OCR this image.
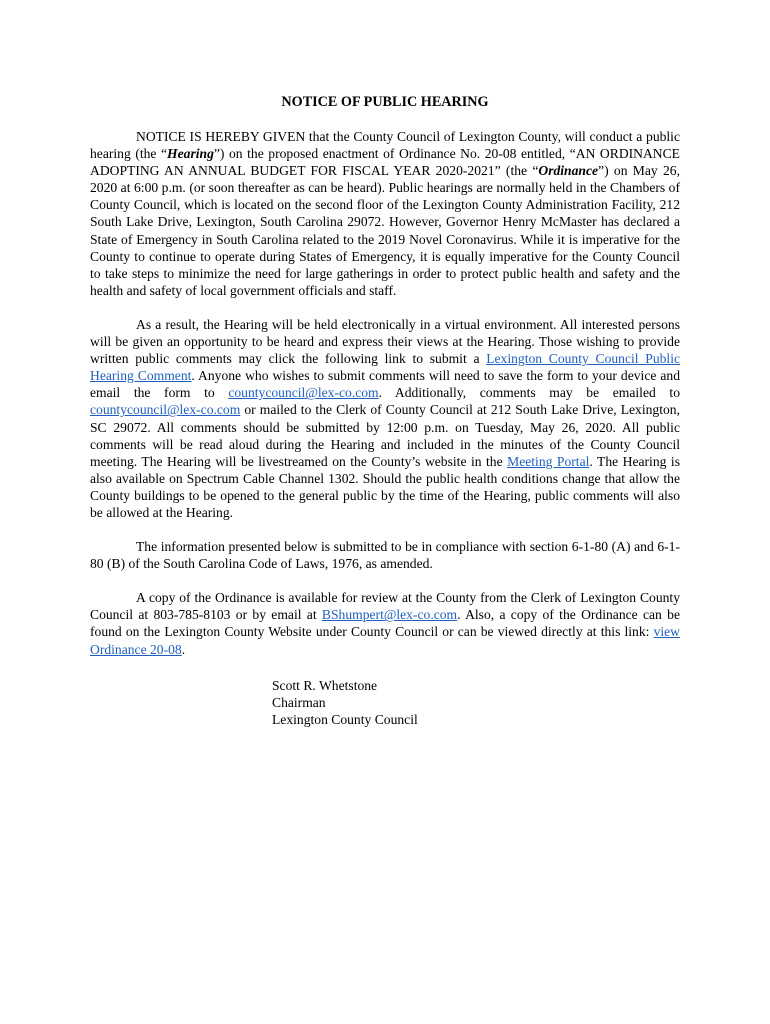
NOTICE OF PUBLIC HEARING

NOTICE IS HEREBY GIVEN that the County Council of Lexington County, will conduct a public hearing (the “Hearing”) on the proposed enactment of Ordinance No. 20-08 entitled, “AN ORDINANCE ADOPTING AN ANNUAL BUDGET FOR FISCAL YEAR 2020-2021” (the “Ordinance”) on May 26, 2020 at 6:00 p.m. (or soon thereafter as can be heard). Public hearings are normally held in the Chambers of County Council, which is located on the second floor of the Lexington County Administration Facility, 212 South Lake Drive, Lexington, South Carolina 29072. However, Governor Henry McMaster has declared a State of Emergency in South Carolina related to the 2019 Novel Coronavirus. While it is imperative for the County to continue to operate during States of Emergency, it is equally imperative for the County Council to take steps to minimize the need for large gatherings in order to protect public health and safety and the health and safety of local government officials and staff.

As a result, the Hearing will be held electronically in a virtual environment. All interested persons will be given an opportunity to be heard and express their views at the Hearing. Those wishing to provide written public comments may click the following link to submit a Lexington County Council Public Hearing Comment. Anyone who wishes to submit comments will need to save the form to your device and email the form to countycouncil@lex-co.com. Additionally, comments may be emailed to countycouncil@lex-co.com or mailed to the Clerk of County Council at 212 South Lake Drive, Lexington, SC 29072. All comments should be submitted by 12:00 p.m. on Tuesday, May 26, 2020. All public comments will be read aloud during the Hearing and included in the minutes of the County Council meeting. The Hearing will be livestreamed on the County’s website in the Meeting Portal. The Hearing is also available on Spectrum Cable Channel 1302. Should the public health conditions change that allow the County buildings to be opened to the general public by the time of the Hearing, public comments will also be allowed at the Hearing.

The information presented below is submitted to be in compliance with section 6-1-80 (A) and 6-1-80 (B) of the South Carolina Code of Laws, 1976, as amended.

A copy of the Ordinance is available for review at the County from the Clerk of Lexington County Council at 803-785-8103 or by email at BShumpert@lex-co.com. Also, a copy of the Ordinance can be found on the Lexington County Website under County Council or can be viewed directly at this link: view Ordinance 20-08.

Scott R. Whetstone
Chairman
Lexington County Council
